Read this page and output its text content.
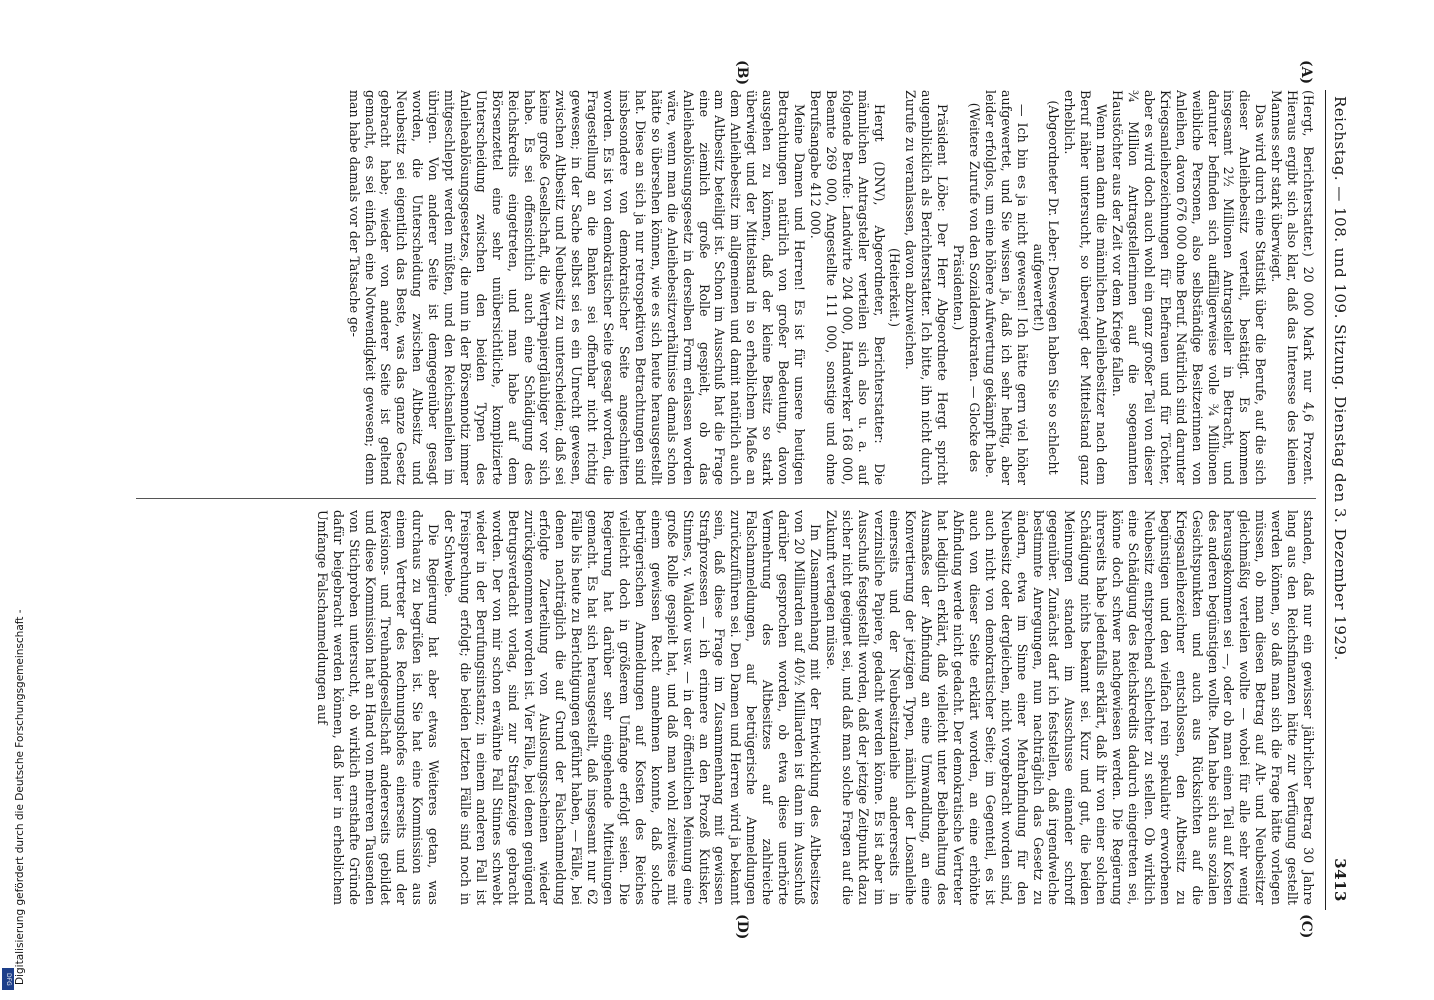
DFG Digitalisierung gefördert durch die Deutsche Forschungsgemeinschaft -
Reichstag. — 108. und 109. Sitzung. Dienstag den 3. Dezember 1929.
3413
(A)
(B)
(C)
(D)

(Hergt, Berichterstatter.) 20 000 Mark nur 4,6 Prozent. Hieraus ergibt sich also klar, daß das Interesse des kleinen Mannes sehr stark überwiegt.

Das wird durch eine Statistik über die Berufe, auf die sich dieser Anleihebesitz verteilt, bestätigt. Es kommen insgesamt 2½ Millionen Antragsteller in Betracht, und darunter befinden sich auffälligerweise volle ¾ Millionen weibliche Personen, also selbständige Besitzerinnen von Anleihen, davon 676 000 ohne Beruf. Natürlich sind darunter Kriegsanleihezeichnungen für Ehefrauen und für Töchter, aber es wird doch auch wohl ein ganz großer Teil von dieser ¾ Million Antragstellerinnen auf die sogenannten Haustöchter aus der Zeit vor dem Kriege fallen.

Wenn man dann die männlichen Anleihebesitzer nach dem Beruf näher untersucht, so überwiegt der Mittelstand ganz erheblich.

(Abgeordneter Dr. Leber: Deswegen haben Sie so schlecht aufgewertet!)

— Ich bin es ja nicht gewesen! Ich hätte gern viel höher aufgewertet, und Sie wissen ja, daß ich sehr heftig, aber leider erfolglos, um eine höhere Aufwertung gekämpft habe.

(Weitere Zurufe von den Sozialdemokraten. — Glocke des Präsidenten.)

Präsident Löbe: Der Herr Abgeordnete Hergt spricht augenblicklich als Berichterstatter. Ich bitte, ihn nicht durch Zurufe zu veranlassen, davon abzuweichen.

(Heiterkeit.)

Hergt (DNV), Abgeordneter, Berichterstatter: Die männlichen Antragsteller verteilen sich also u. a. auf folgende Berufe: Landwirte 204 000, Handwerker 168 000, Beamte 269 000, Angestellte 111 000, sonstige und ohne Berufsangabe 412 000.

Meine Damen und Herren! Es ist für unsere heutigen Betrachtungen natürlich von großer Bedeutung, davon ausgehen zu können, daß der kleine Besitz so stark überwiegt und der Mittelstand in so erheblichem Maße an dem Anleihebesitz im allgemeinen und damit natürlich auch am Altbesitz beteiligt ist. Schon im Ausschuß hat die Frage eine ziemlich große Rolle gespielt, ob das Anleiheablösungsgesetz in derselben Form erlassen worden wäre, wenn man die Anleihebesitzverhältnisse damals schon hätte so übersehen können, wie es sich heute herausgestellt hat. Diese an sich ja nur retrospektiven Betrachtungen sind insbesondere von demokratischer Seite angeschnitten worden. Es ist von demokratischer Seite gesagt worden, die Fragestellung an die Banken sei offenbar nicht richtig gewesen; in der Sache selbst sei es ein Unrecht gewesen, zwischen Altbesitz und Neubesitz zu unterscheiden; daß sei keine große Gesellschaft, die Wertpapiergläubiger vor sich habe. Es sei offensichtlich auch eine Schädigung des Reichskredits eingetreten, und man habe auf dem Börsenzettel eine sehr unübersichtliche, komplizierte Unterscheidung zwischen den beiden Typen des Anleiheablösungsgesetzes, die nun in der Börsennotiz immer mitgeschleppt werden müßten, und den Reichsanleihen im übrigen. Von anderer Seite ist demgegenüber gesagt worden, die Unterscheidung zwischen Altbesitz und Neubesitz sei eigentlich das Beste, was das ganze Gesetz gebracht habe; wieder von anderer Seite ist geltend gemacht, es sei einfach eine Notwendigkeit gewesen; denn man habe damals vor der Tatsache ge-

standen, daß nur ein gewisser jährlicher Betrag 30 Jahre lang aus den Reichsfinanzen hätte zur Verfügung gestellt werden können, so daß man sich die Frage hätte vorlegen müssen, ob man diesen Betrag auf Alt- und Neubesitzer gleichmäßig verteilen wollte — wobei für alle sehr wenig herausgekommen sei —, oder ob man einen Teil auf Kosten des anderen begünstigen wollte. Man habe sich aus sozialen Gesichtspunkten und auch aus Rücksichten auf die Kriegsanleihezeichner entschlossen, den Altbesitz zu begünstigen und den vielfach rein spekulativ erworbenen Neubesitz entsprechend schlechter zu stellen. Ob wirklich eine Schädigung des Reichskredits dadurch eingetreten sei, könne doch schwer nachgewiesen werden. Die Regierung ihrerseits habe jedenfalls erklärt, daß ihr von einer solchen Schädigung nichts bekannt sei. Kurz und gut, die beiden Meinungen standen im Ausschusse einander schroff gegenüber. Zunächst darf ich feststellen, daß irgendwelche bestimmte Anregungen, nun nachträglich das Gesetz zu ändern, etwa im Sinne einer Mehrabfindung für den Neubesitz oder dergleichen, nicht vorgebracht worden sind, auch nicht von demokratischer Seite; im Gegenteil, es ist auch von dieser Seite erklärt worden, an eine erhöhte Abfindung werde nicht gedacht. Der demokratische Vertreter hat lediglich erklärt, daß vielleicht unter Beibehaltung des Ausmaßes der Abfindung an eine Umwandlung, an eine Konvertierung der jetzigen Typen, nämlich der Losanleihe einerseits und der Neubesitzanleihe andererseits in verzinsliche Papiere, gedacht werden könne. Es ist aber im Ausschuß festgestellt worden, daß der jetzige Zeitpunkt dazu sicher nicht geeignet sei, und daß man solche Fragen auf die Zukunft vertagen müsse.

Im Zusammenhang mit der Entwicklung des Altbesitzes von 20 Milliarden auf 40½ Milliarden ist dann im Ausschuß darüber gesprochen worden, ob etwa diese unerhörte Vermehrung des Altbesitzes auf zahlreiche Falschanmeldungen, auf betrügerische Anmeldungen zurückzuführen sei. Den Damen und Herren wird ja bekannt sein, daß diese Frage im Zusammenhang mit gewissen Strafprozessen — ich erinnere an den Prozeß Kutisker, Stinnes, v. Waldow usw. — in der öffentlichen Meinung eine große Rolle gespielt hat, und daß man wohl zeitweise mit einem gewissen Recht annehmen konnte, daß solche betrügerischen Anmeldungen auf Kosten des Reiches vielleicht doch in größerem Umfange erfolgt seien. Die Regierung hat darüber sehr eingehende Mitteilungen gemacht. Es hat sich herausgestellt, daß insgesamt nur 62 Fälle bis heute zu Berichtigungen geführt haben, — Fälle, bei denen nachträglich die auf Grund der Falschanmeldung erfolgte Zuerteilung von Auslosungsscheinen wieder zurückgenommen worden ist. Vier Fälle, bei denen genügend Betrugsverdacht vorlag, sind zur Strafanzeige gebracht worden. Der von mir schon erwähnte Fall Stinnes schwebt wieder in der Berufungsinstanz; in einem anderen Fall ist Freisprechung erfolgt; die beiden letzten Fälle sind noch in der Schwebe.

Die Regierung hat aber etwas Weiteres getan, was durchaus zu begrüßen ist. Sie hat eine Kommission aus einem Vertreter des Rechnungshofes einerseits und der Revisions- und Treuhandgesellschaft andererseits gebildet und diese Kommission hat an Hand von mehreren Tausenden von Stichproben untersucht, ob wirklich ernsthafte Gründe dafür beigebracht werden können, daß hier in erheblichem Umfange Falschanmeldungen auf
